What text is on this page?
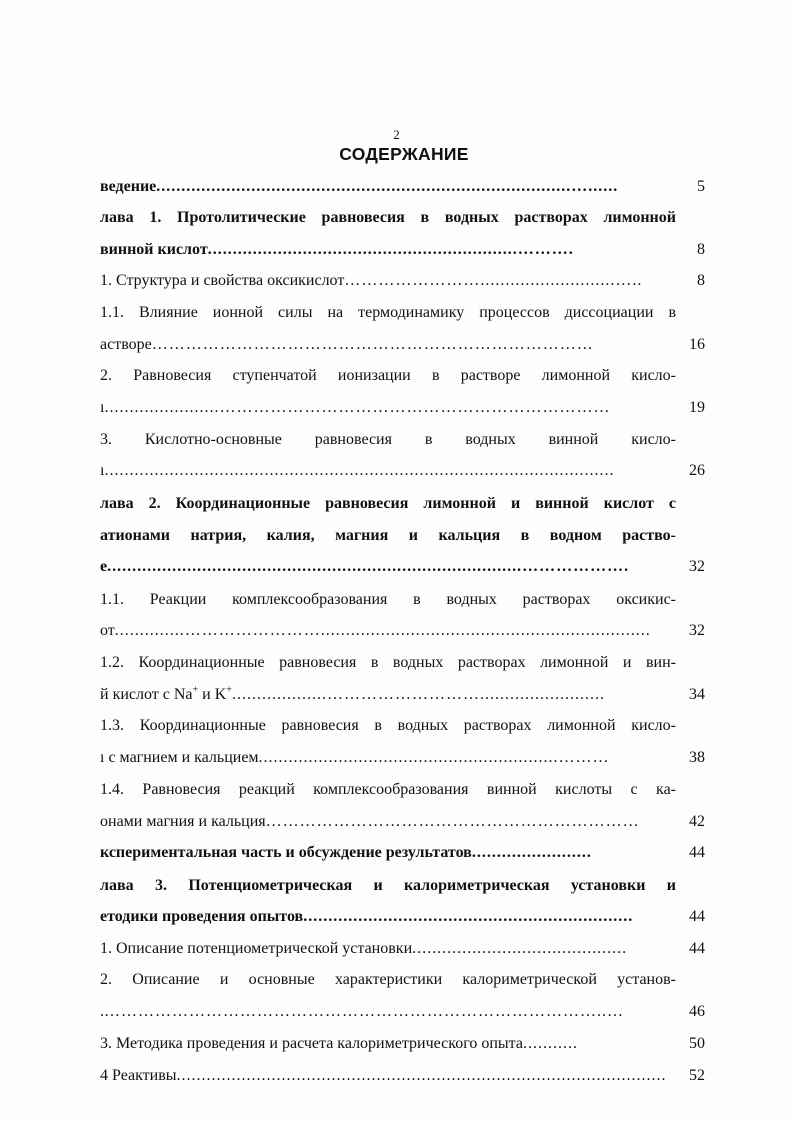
2
СОДЕРЖАНИЕ
ведение ...................................................................................…......	5
лава 1. Протолитические равновесия в водных растворах лимонной
винной кислот ..............................................................……….	8
1. Структура и свойства оксикислот ……………………...........................…..	8
1.1. Влияние ионной силы на термодинамику процессов диссоциации в
астворе ……………………………………………………………………	16
2. Равновесия ступенчатой ионизации в растворе лимонной кисло-
ı .......................……………………………………………………………	19
3. Кислотно-основные равновесия в водных винной кисло-
ı ......................................................................................................	26
лава 2. Координационные равновесия лимонной и винной кислот с
атионами натрия, калия, магния и кальция в водном раство-
е ...................................................................................……………….	32
1.1. Реакции комплексообразования в водных растворах оксикис-
от ..............……………………..................................................................	32
1.2. Координационные равновесия в водных растворах лимонной и вин-
й кислот с Na+ и K+ ...................……………………….........................	34
1.3. Координационные равновесия в водных растворах лимонной кисло-
ı с магнием и кальцием ............................................................………	38
1.4. Равновесия реакций комплексообразования винной кислоты с ка-
онами магния и кальция …………………………………………………………	42
кспериментальная часть и обсуждение результатов ........................	44
лава 3. Потенциометрическая и калориметрическая установки и
етодики проведения опытов ..................................................................	44
1. Описание потенциометрической установки ...........................................	44
2. Описание и основные характеристики калориметрической установ-
. ……………………………………………………………………………..…	46
3. Методика проведения и расчета калориметрического опыта ...........	50
4 Реактивы ..................................................................................................	52
